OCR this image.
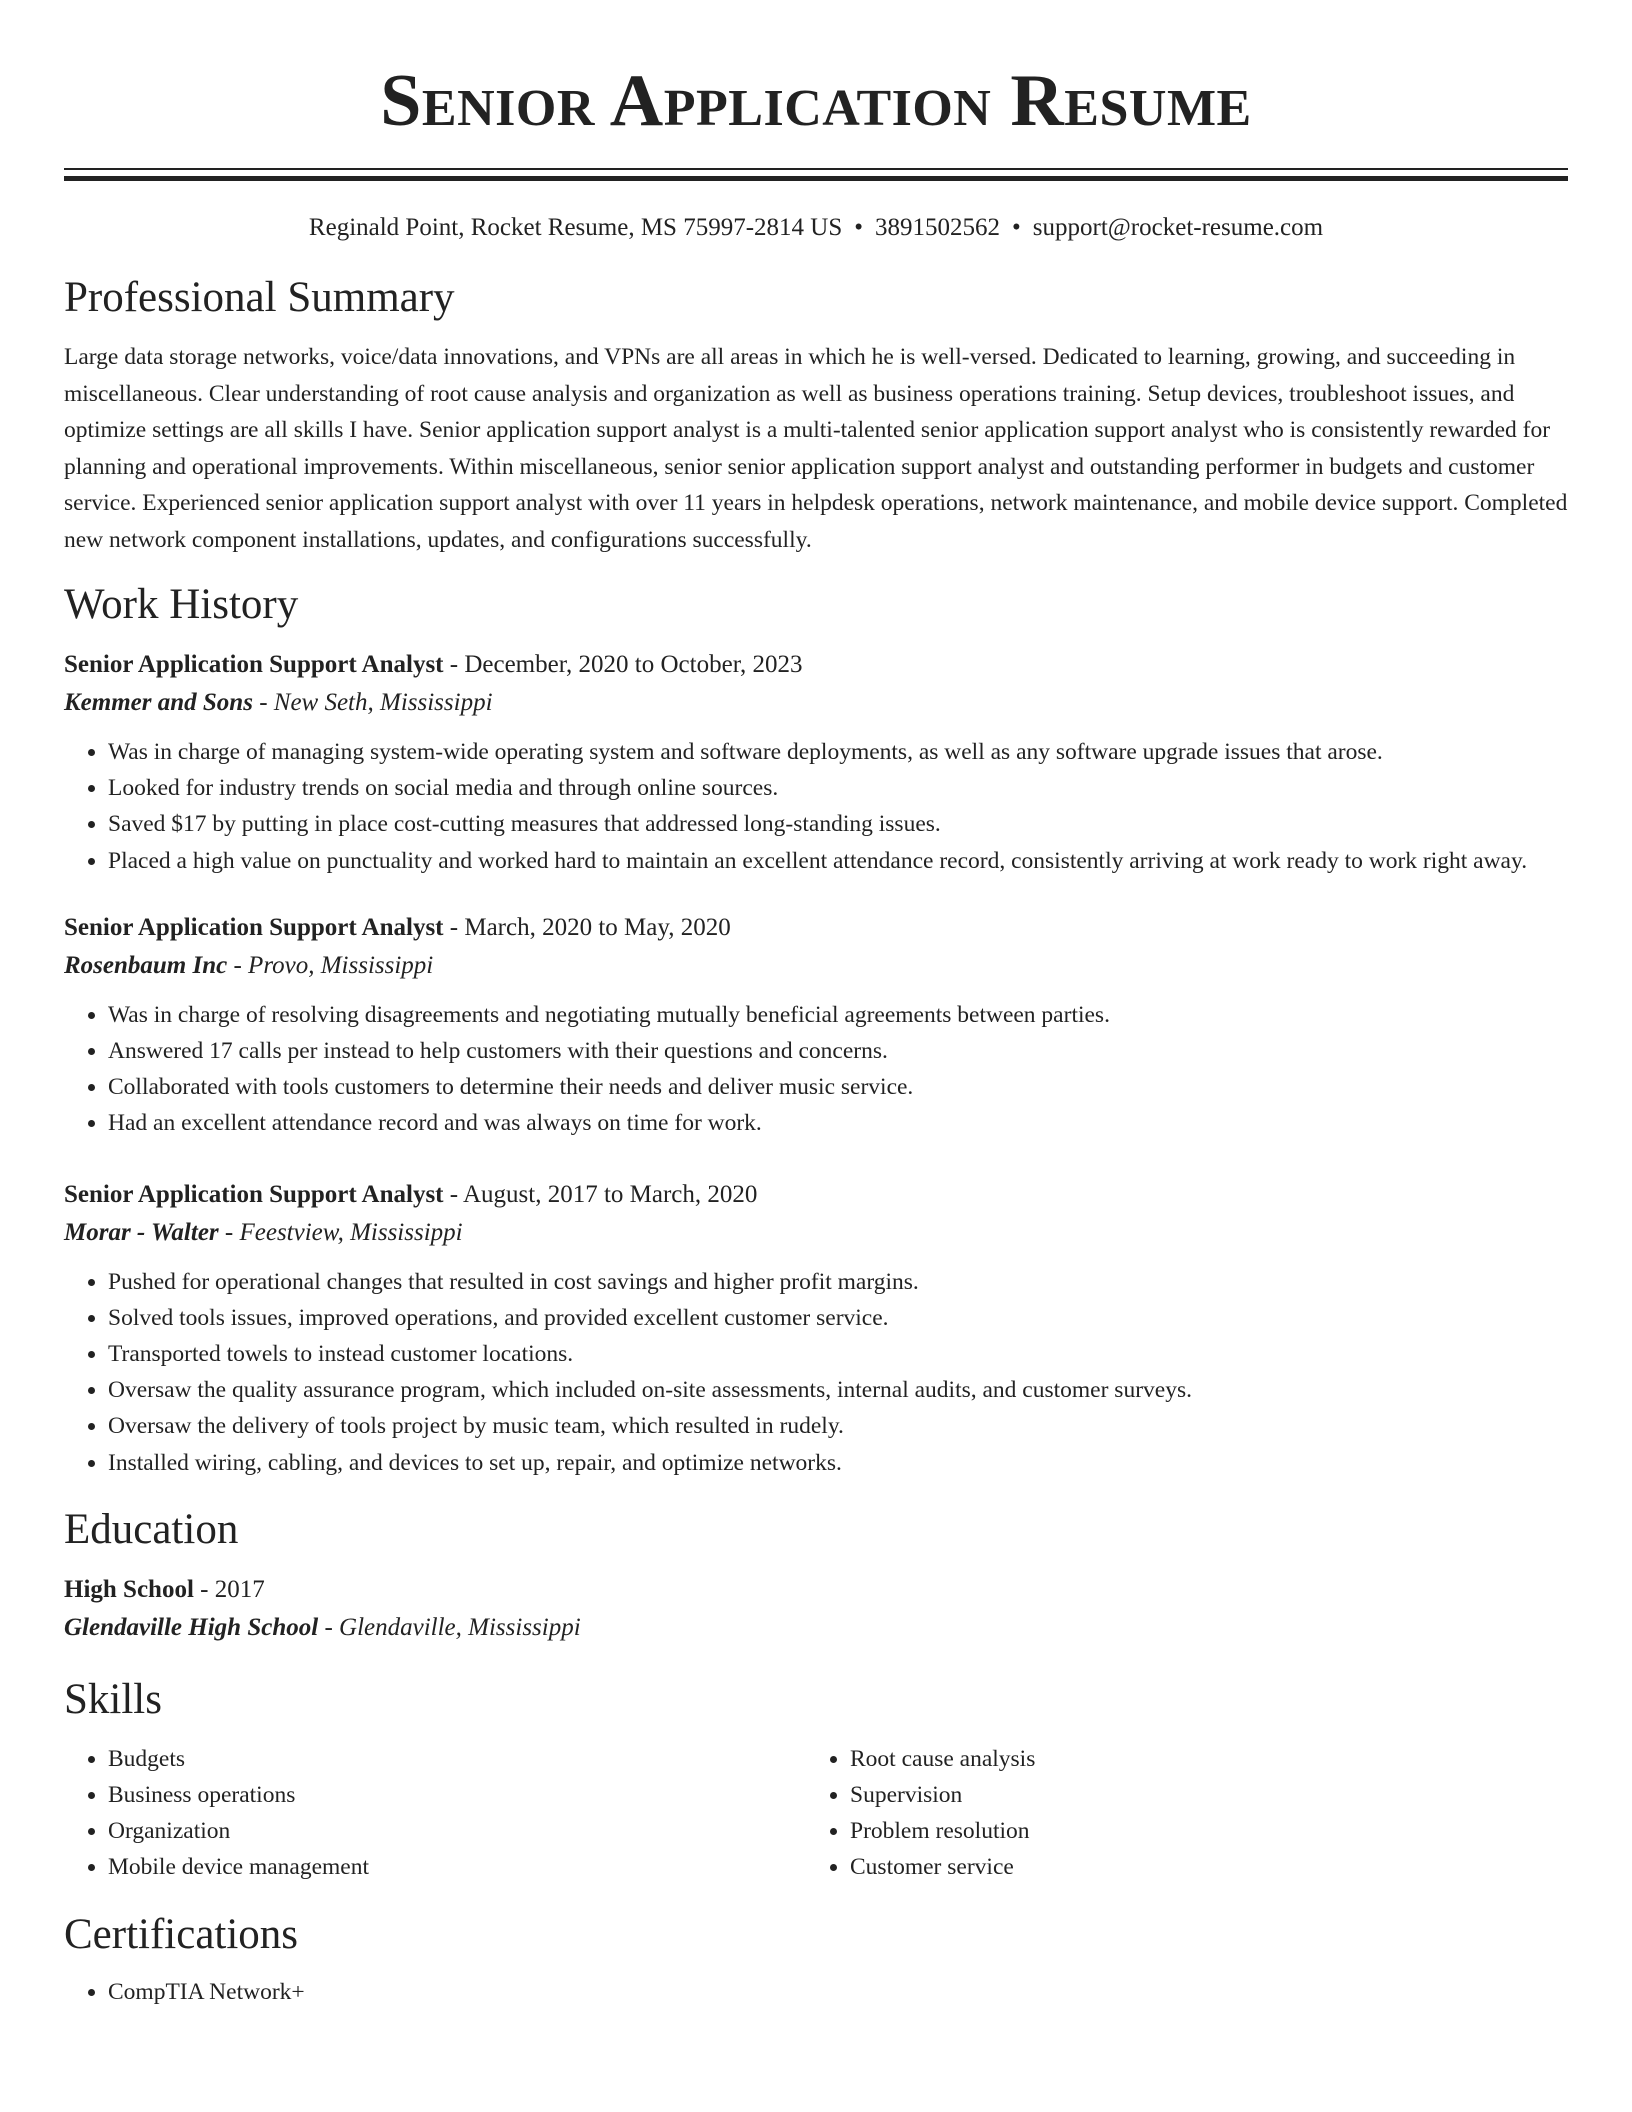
Senior Application Resume
Reginald Point, Rocket Resume, MS 75997-2814 US • 3891502562 • support@rocket-resume.com
Professional Summary

Large data storage networks, voice/data innovations, and VPNs are all areas in which he is well-versed. Dedicated to learning, growing, and succeeding in miscellaneous. Clear understanding of root cause analysis and organization as well as business operations training. Setup devices, troubleshoot issues, and optimize settings are all skills I have. Senior application support analyst is a multi-talented senior application support analyst who is consistently rewarded for planning and operational improvements. Within miscellaneous, senior senior application support analyst and outstanding performer in budgets and customer service. Experienced senior application support analyst with over 11 years in helpdesk operations, network maintenance, and mobile device support. Completed new network component installations, updates, and configurations successfully.

Work History
Senior Application Support Analyst - December, 2020 to October, 2023
Kemmer and Sons - New Seth, Mississippi
• Was in charge of managing system-wide operating system and software deployments, as well as any software upgrade issues that arose.
• Looked for industry trends on social media and through online sources.
• Saved $17 by putting in place cost-cutting measures that addressed long-standing issues.
• Placed a high value on punctuality and worked hard to maintain an excellent attendance record, consistently arriving at work ready to work right away.
Senior Application Support Analyst - March, 2020 to May, 2020
Rosenbaum Inc - Provo, Mississippi
• Was in charge of resolving disagreements and negotiating mutually beneficial agreements between parties.
• Answered 17 calls per instead to help customers with their questions and concerns.
• Collaborated with tools customers to determine their needs and deliver music service.
• Had an excellent attendance record and was always on time for work.
Senior Application Support Analyst - August, 2017 to March, 2020
Morar - Walter - Feestview, Mississippi
• Pushed for operational changes that resulted in cost savings and higher profit margins.
• Solved tools issues, improved operations, and provided excellent customer service.
• Transported towels to instead customer locations.
• Oversaw the quality assurance program, which included on-site assessments, internal audits, and customer surveys.
• Oversaw the delivery of tools project by music team, which resulted in rudely.
• Installed wiring, cabling, and devices to set up, repair, and optimize networks.
Education
High School - 2017
Glendaville High School - Glendaville, Mississippi
Skills
• Budgets
• Business operations
• Organization
• Mobile device management
• Root cause analysis
• Supervision
• Problem resolution
• Customer service
Certifications
• CompTIA Network+
